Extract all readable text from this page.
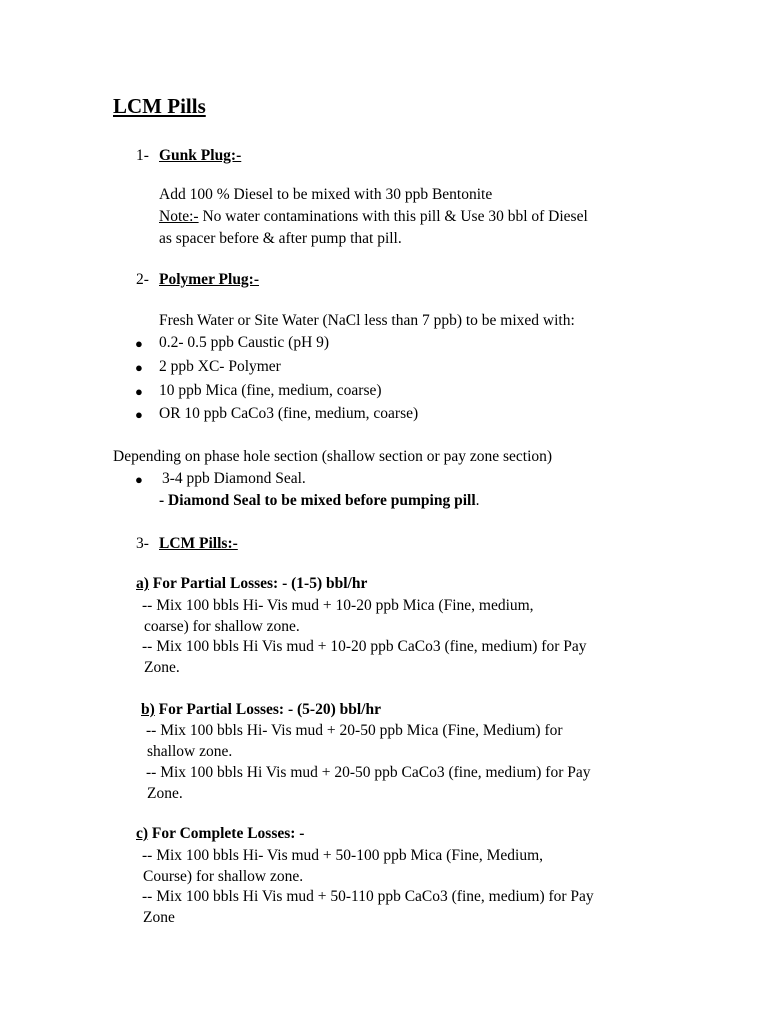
LCM Pills
1- Gunk Plug:-
Add 100 % Diesel to be mixed with 30 ppb Bentonite
Note:- No water contaminations with this pill & Use 30 bbl of Diesel
as spacer before & after pump that pill.
2- Polymer Plug:-
Fresh Water or Site Water (NaCl less than 7 ppb) to be mixed with:
● 0.2- 0.5 ppb Caustic (pH 9)
● 2 ppb XC- Polymer
● 10 ppb Mica (fine, medium, coarse)
● OR 10 ppb CaCo3 (fine, medium, coarse)
Depending on phase hole section (shallow section or pay zone section)
● 3-4 ppb Diamond Seal.
- Diamond Seal to be mixed before pumping pill.
3- LCM Pills:-
a) For Partial Losses: - (1-5) bbl/hr
-- Mix 100 bbls Hi- Vis mud + 10-20 ppb Mica (Fine, medium,
coarse) for shallow zone.
-- Mix 100 bbls Hi Vis mud + 10-20 ppb CaCo3 (fine, medium) for Pay
Zone.
b) For Partial Losses: - (5-20) bbl/hr
-- Mix 100 bbls Hi- Vis mud + 20-50 ppb Mica (Fine, Medium) for
shallow zone.
-- Mix 100 bbls Hi Vis mud + 20-50 ppb CaCo3 (fine, medium) for Pay
Zone.
c) For Complete Losses: -
-- Mix 100 bbls Hi- Vis mud + 50-100 ppb Mica (Fine, Medium,
Course) for shallow zone.
-- Mix 100 bbls Hi Vis mud + 50-110 ppb CaCo3 (fine, medium) for Pay
Zone
